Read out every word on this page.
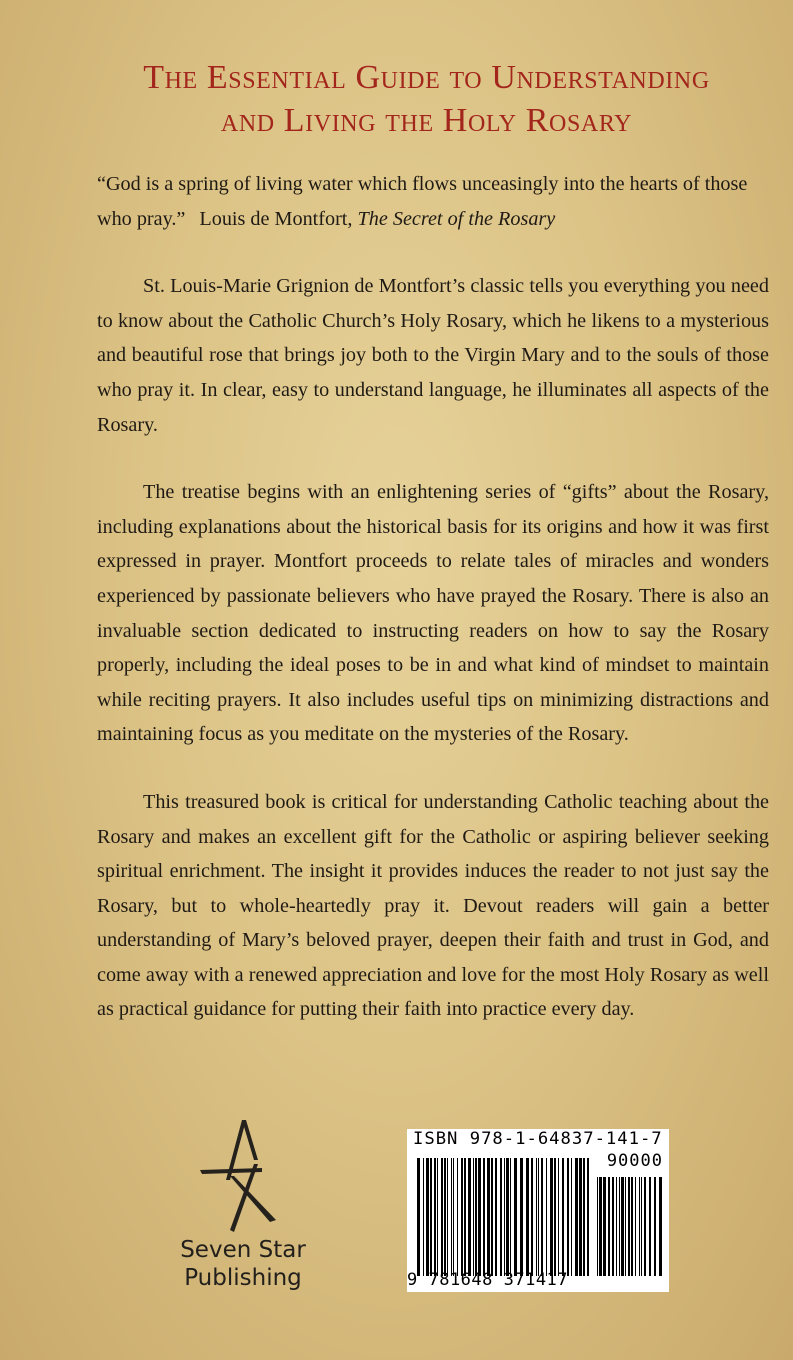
The Essential Guide to Understanding
and Living the Holy Rosary

“God is a spring of living water which flows unceasingly into the hearts of those who pray.” Louis de Montfort, The Secret of the Rosary

St. Louis-Marie Grignion de Montfort’s classic tells you everything you need to know about the Catholic Church’s Holy Rosary, which he likens to a mysterious and beautiful rose that brings joy both to the Virgin Mary and to the souls of those who pray it. In clear, easy to understand language, he illuminates all aspects of the Rosary.

The treatise begins with an enlightening series of “gifts” about the Rosary, including explanations about the historical basis for its origins and how it was first expressed in prayer. Montfort proceeds to relate tales of miracles and wonders experienced by passionate believers who have prayed the Rosary. There is also an invaluable section dedicated to instructing readers on how to say the Rosary properly, including the ideal poses to be in and what kind of mindset to maintain while reciting prayers. It also includes useful tips on minimizing distractions and maintaining focus as you meditate on the mysteries of the Rosary.

This treasured book is critical for understanding Catholic teaching about the Rosary and makes an excellent gift for the Catholic or aspiring believer seeking spiritual enrichment. The insight it provides induces the reader to not just say the Rosary, but to whole-heartedly pray it. Devout readers will gain a better understanding of Mary’s beloved prayer, deepen their faith and trust in God, and come away with a renewed appreciation and love for the most Holy Rosary as well as practical guidance for putting their faith into practice every day.

Seven Star
Publishing
ISBN 978-1-64837-141-7
90000
9 781648 371417
